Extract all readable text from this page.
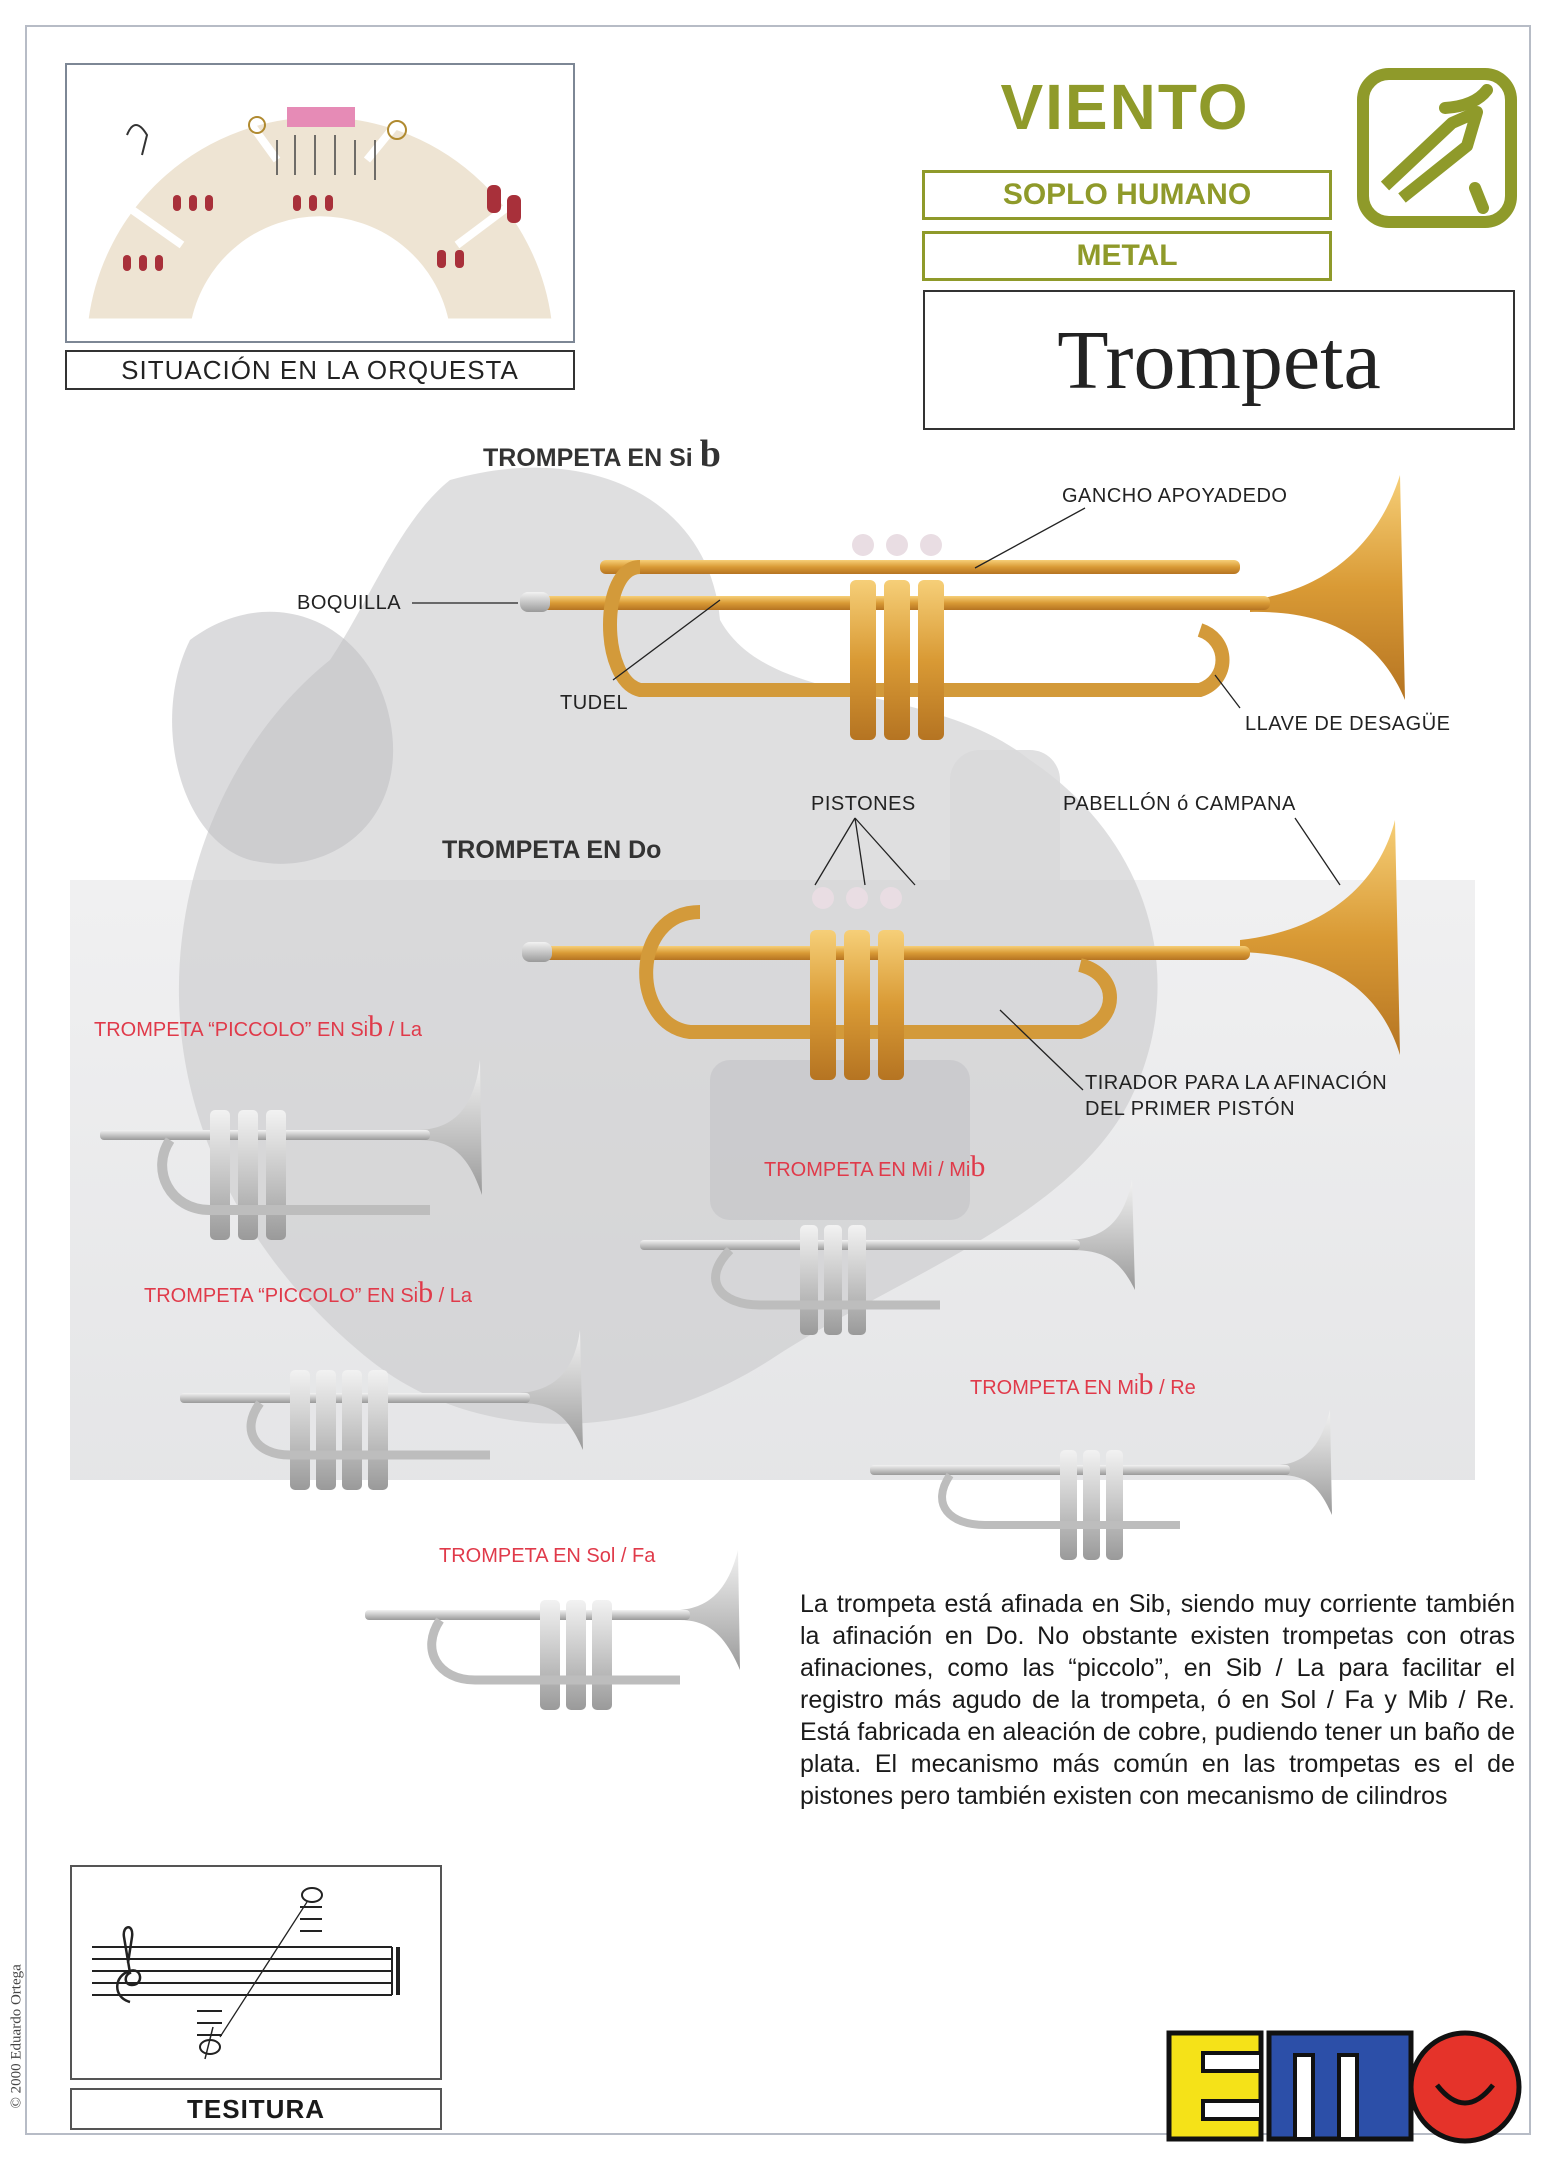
SITUACIÓN EN LA ORQUESTA
VIENTO
SOPLO HUMANO
METAL
Trompeta
TROMPETA EN Si b
TROMPETA EN Do
GANCHO APOYADEDO
BOQUILLA
TUDEL
LLAVE DE DESAGÜE
PISTONES	PABELLÓN ó CAMPANA
TIRADOR PARA LA AFINACIÓN
DEL PRIMER PISTÓN
TROMPETA “PICCOLO” EN Sib / La
TROMPETA EN Mi / Mib
TROMPETA “PICCOLO” EN Sib / La
TROMPETA EN Mib / Re
TROMPETA EN Sol / Fa
La trompeta está afinada en Sib, siendo muy corriente también la afinación en Do. No obstante existen trompetas con otras afinaciones, como las “piccolo”, en Sib / La para facilitar el registro más agudo de la trompeta, ó en Sol / Fa y Mib / Re. Está fabricada en aleación de cobre, pudiendo tener un baño de plata. El mecanismo más común en las trompetas es el de pistones pero también existen con mecanismo de cilindros
TESITURA
© 2000 Eduardo Ortega
